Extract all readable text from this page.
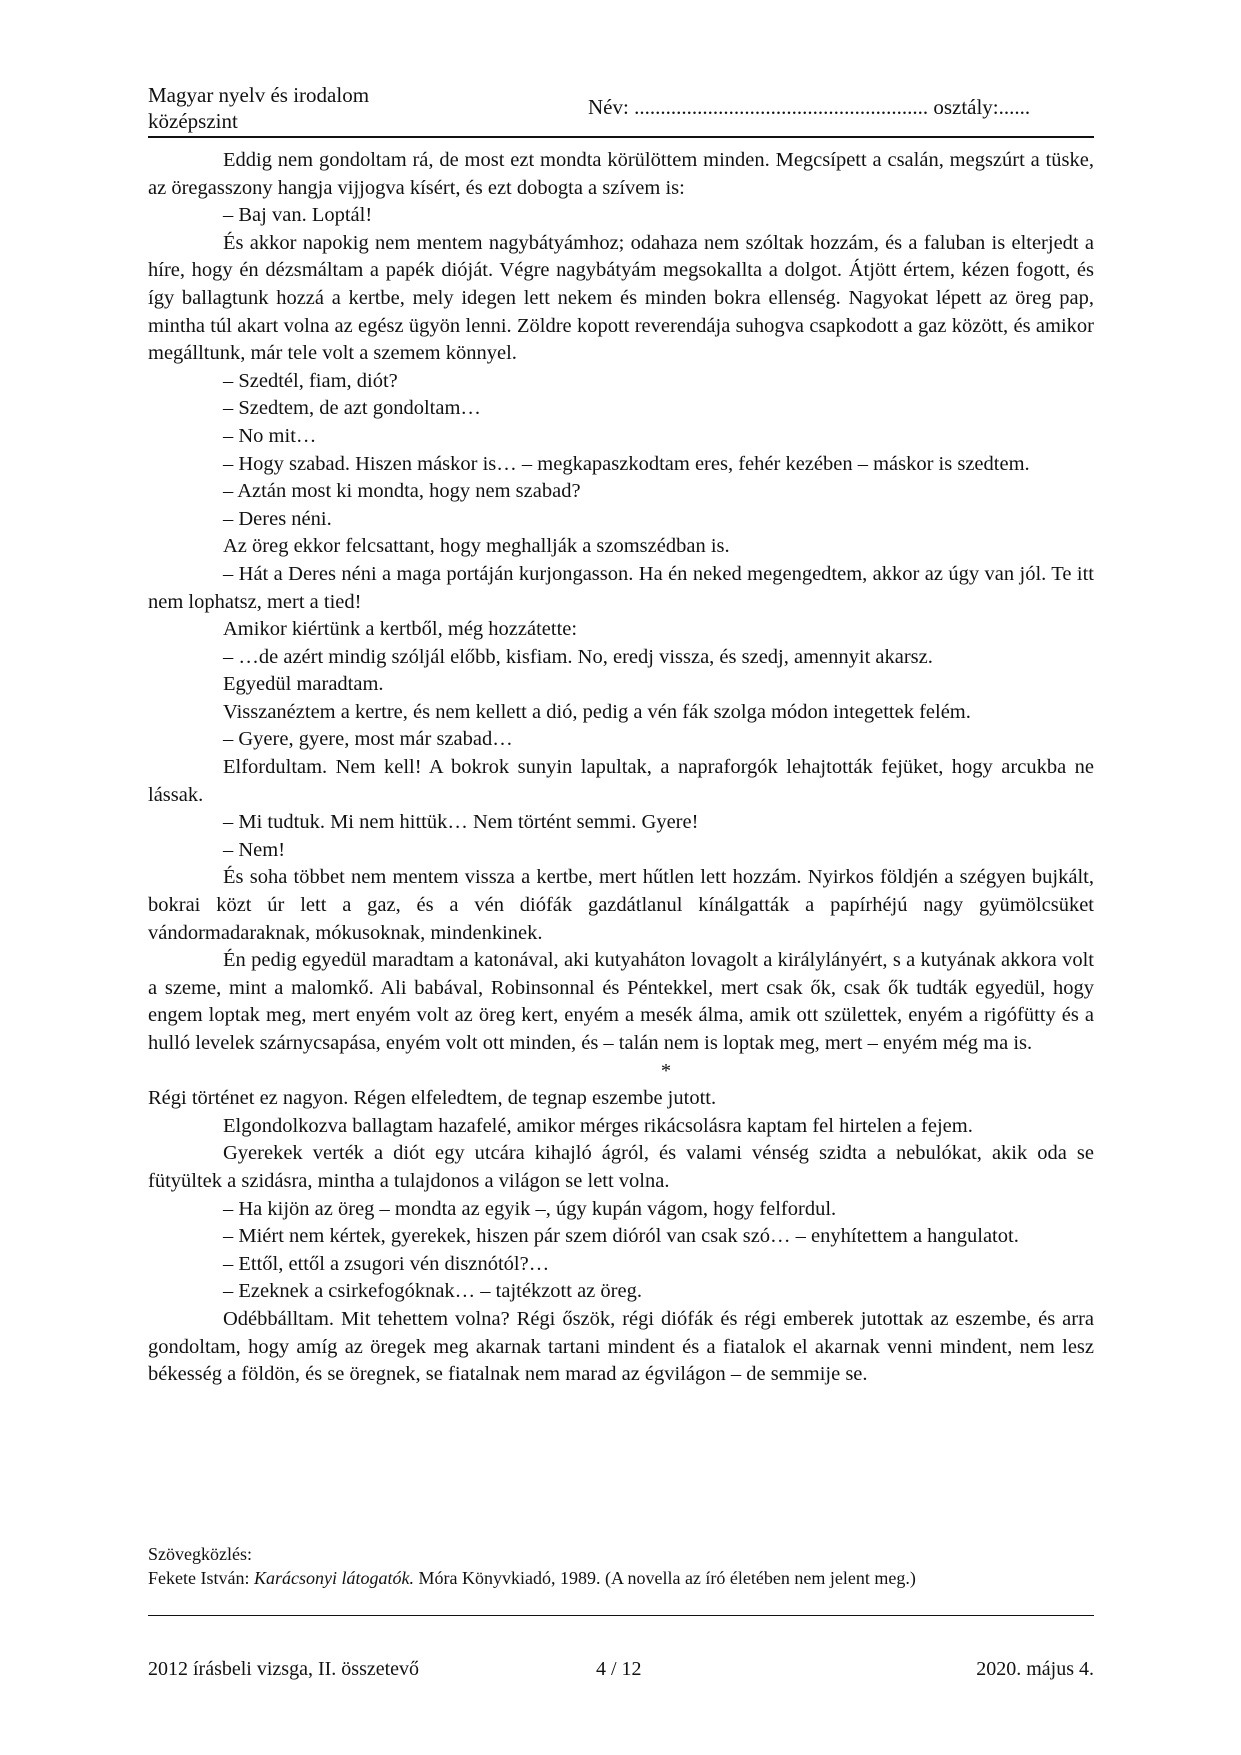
Magyar nyelv és irodalom
középszint
Név: ........................................................ osztály:......

Eddig nem gondoltam rá, de most ezt mondta körülöttem minden. Megcsípett a csalán, megszúrt a tüske, az öregasszony hangja vijjogva kísért, és ezt dobogta a szívem is:

– Baj van. Loptál!

És akkor napokig nem mentem nagybátyámhoz; odahaza nem szóltak hozzám, és a faluban is elterjedt a híre, hogy én dézsmáltam a papék dióját. Végre nagybátyám megsokallta a dolgot. Átjött értem, kézen fogott, és így ballagtunk hozzá a kertbe, mely idegen lett nekem és minden bokra ellenség. Nagyokat lépett az öreg pap, mintha túl akart volna az egész ügyön lenni. Zöldre kopott reverendája suhogva csapkodott a gaz között, és amikor megálltunk, már tele volt a szemem könnyel.

– Szedtél, fiam, diót?

– Szedtem, de azt gondoltam…

– No mit…

– Hogy szabad. Hiszen máskor is… – megkapaszkodtam eres, fehér kezében – máskor is szedtem.

– Aztán most ki mondta, hogy nem szabad?

– Deres néni.

Az öreg ekkor felcsattant, hogy meghallják a szomszédban is.

– Hát a Deres néni a maga portáján kurjongasson. Ha én neked megengedtem, akkor az úgy van jól. Te itt nem lophatsz, mert a tied!

Amikor kiértünk a kertből, még hozzátette:

– …de azért mindig szóljál előbb, kisfiam. No, eredj vissza, és szedj, amennyit akarsz.

Egyedül maradtam.

Visszanéztem a kertre, és nem kellett a dió, pedig a vén fák szolga módon integettek felém.

– Gyere, gyere, most már szabad…

Elfordultam. Nem kell! A bokrok sunyin lapultak, a napraforgók lehajtották fejüket, hogy arcukba ne lássak.

– Mi tudtuk. Mi nem hittük… Nem történt semmi. Gyere!

– Nem!

És soha többet nem mentem vissza a kertbe, mert hűtlen lett hozzám. Nyirkos földjén a szégyen bujkált, bokrai közt úr lett a gaz, és a vén diófák gazdátlanul kínálgatták a papírhéjú nagy gyümölcsüket vándormadaraknak, mókusoknak, mindenkinek.

Én pedig egyedül maradtam a katonával, aki kutyaháton lovagolt a királylányért, s a kutyának akkora volt a szeme, mint a malomkő. Ali babával, Robinsonnal és Péntekkel, mert csak ők, csak ők tudták egyedül, hogy engem loptak meg, mert enyém volt az öreg kert, enyém a mesék álma, amik ott születtek, enyém a rigófütty és a hulló levelek szárnycsapása, enyém volt ott minden, és – talán nem is loptak meg, mert – enyém még ma is.

*

Régi történet ez nagyon. Régen elfeledtem, de tegnap eszembe jutott.

Elgondolkozva ballagtam hazafelé, amikor mérges rikácsolásra kaptam fel hirtelen a fejem.

Gyerekek verték a diót egy utcára kihajló ágról, és valami vénség szidta a nebulókat, akik oda se fütyültek a szidásra, mintha a tulajdonos a világon se lett volna.

– Ha kijön az öreg – mondta az egyik –, úgy kupán vágom, hogy felfordul.

– Miért nem kértek, gyerekek, hiszen pár szem dióról van csak szó… – enyhítettem a hangulatot.

– Ettől, ettől a zsugori vén disznótól?…

– Ezeknek a csirkefogóknak… – tajtékzott az öreg.

Odébbálltam. Mit tehettem volna? Régi őszök, régi diófák és régi emberek jutottak az eszembe, és arra gondoltam, hogy amíg az öregek meg akarnak tartani mindent és a fiatalok el akarnak venni mindent, nem lesz békesség a földön, és se öregnek, se fiatalnak nem marad az égvilágon – de semmije se.

Szövegközlés:
Fekete István: Karácsonyi látogatók. Móra Könyvkiadó, 1989. (A novella az író életében nem jelent meg.)
2012 írásbeli vizsga, II. összetevő	4 / 12	2020. május 4.
